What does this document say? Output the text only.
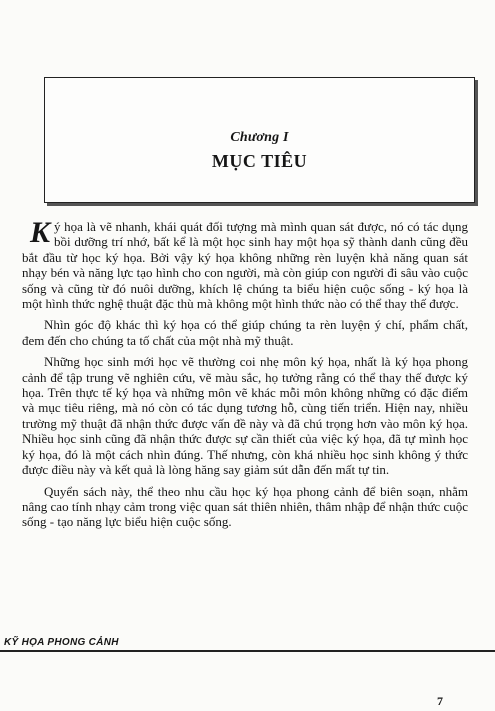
Chương I
MỤC TIÊU

Ký họa là vẽ nhanh, khái quát đối tượng mà mình quan sát được, nó có tác dụng bồi dưỡng trí nhớ, bất kể là một học sinh hay một họa sỹ thành danh cũng đều bắt đầu từ học ký họa. Bởi vậy ký họa không những rèn luyện khả năng quan sát nhạy bén và năng lực tạo hình cho con người, mà còn giúp con người đi sâu vào cuộc sống và cũng từ đó nuôi dưỡng, khích lệ chúng ta biểu hiện cuộc sống - ký họa là một hình thức nghệ thuật đặc thù mà không một hình thức nào có thể thay thế được.

Nhìn góc độ khác thì ký họa có thể giúp chúng ta rèn luyện ý chí, phẩm chất, đem đến cho chúng ta tố chất của một nhà mỹ thuật.

Những học sinh mới học vẽ thường coi nhẹ môn ký họa, nhất là ký họa phong cảnh để tập trung vẽ nghiên cứu, vẽ màu sắc, họ tưởng rằng có thể thay thế được ký họa. Trên thực tế ký họa và những môn vẽ khác mỗi môn không những có đặc điểm và mục tiêu riêng, mà nó còn có tác dụng tương hỗ, cùng tiến triển. Hiện nay, nhiều trường mỹ thuật đã nhận thức được vấn đề này và đã chú trọng hơn vào môn ký họa. Nhiều học sinh cũng đã nhận thức được sự cần thiết của việc ký họa, đã tự mình học ký họa, đó là một cách nhìn đúng. Thế nhưng, còn khá nhiều học sinh không ý thức được điều này và kết quả là lòng hăng say giảm sút dẫn đến mất tự tin.

Quyển sách này, thể theo nhu cầu học ký họa phong cảnh để biên soạn, nhằm nâng cao tính nhạy cảm trong việc quan sát thiên nhiên, thâm nhập để nhận thức cuộc sống - tạo năng lực biểu hiện cuộc sống.

KỸ HỌA PHONG CẢNH
7
